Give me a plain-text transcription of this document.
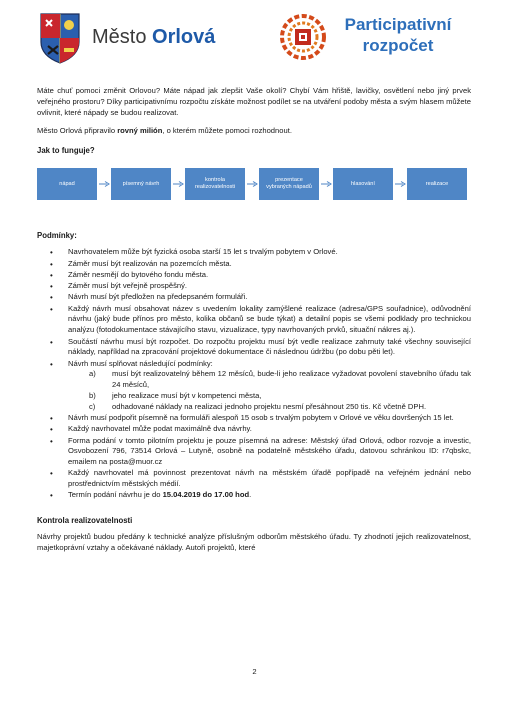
Město Orlová
Participativní
rozpočet

Máte chuť pomoci změnit Orlovou? Máte nápad jak zlepšit Vaše okolí? Chybí Vám hřiště, lavičky, osvětlení nebo jiný prvek veřejného prostoru? Díky participativnímu rozpočtu získáte možnost podílet se na utváření podoby města a svým hlasem můžete ovlivnit, které nápady se budou realizovat.

Město Orlová připravilo rovný milión, o kterém můžete pomoci rozhodnout.

Jak to funguje?
nápad	písemný návrh
kontrola realizovatelnosti
prezentace vybraných nápadů
hlasování	realizace
Podmínky:
• Navrhovatelem může být fyzická osoba starší 15 let s trvalým pobytem v Orlové.
• Záměr musí být realizován na pozemcích města.
• Záměr nesmějí do bytového fondu města.
• Záměr musí být veřejně prospěšný.
• Návrh musí být předložen na předepsaném formuláři.
• Každý návrh musí obsahovat název s uvedením lokality zamýšlené realizace (adresa/GPS souřadnice), odůvodnění návrhu (jaký bude přínos pro město, kolika občanů se bude týkat) a detailní popis se všemi podklady pro technickou analýzu (fotodokumentace stávajícího stavu, vizualizace, typy navrhovaných prvků, situační nákres aj.).
• Součástí návrhu musí být rozpočet. Do rozpočtu projektu musí být vedle realizace zahrnuty také všechny související náklady, například na zpracování projektové dokumentace či následnou údržbu (po dobu pěti let).
• Návrh musí splňovat následující podmínky:
a) musí být realizovatelný během 12 měsíců, bude-li jeho realizace vyžadovat povolení stavebního úřadu tak 24 měsíců,
b) jeho realizace musí být v kompetenci města,
c) odhadované náklady na realizaci jednoho projektu nesmí přesáhnout 250 tis. Kč včetně DPH.
• Návrh musí podpořit písemně na formuláři alespoň 15 osob s trvalým pobytem v Orlové ve věku dovršených 15 let.
• Každý navrhovatel může podat maximálně dva návrhy.
• Forma podání v tomto pilotním projektu je pouze písemná na adrese: Městský úřad Orlová, odbor rozvoje a investic, Osvobození 796, 73514 Orlová – Lutyně, osobně na podatelně městského úřadu, datovou schránkou ID: r7qbskc, emailem na posta@muor.cz
• Každý navrhovatel má povinnost prezentovat návrh na městském úřadě popřípadě na veřejném jednání nebo prostřednictvím městských médií.
• Termín podání návrhu je do 15.04.2019 do 17.00 hod.
Kontrola realizovatelnosti

Návrhy projektů budou předány k technické analýze příslušným odborům městského úřadu. Ty zhodnotí jejich realizovatelnost, majetkoprávní vztahy a očekávané náklady. Autoři projektů, které

2
